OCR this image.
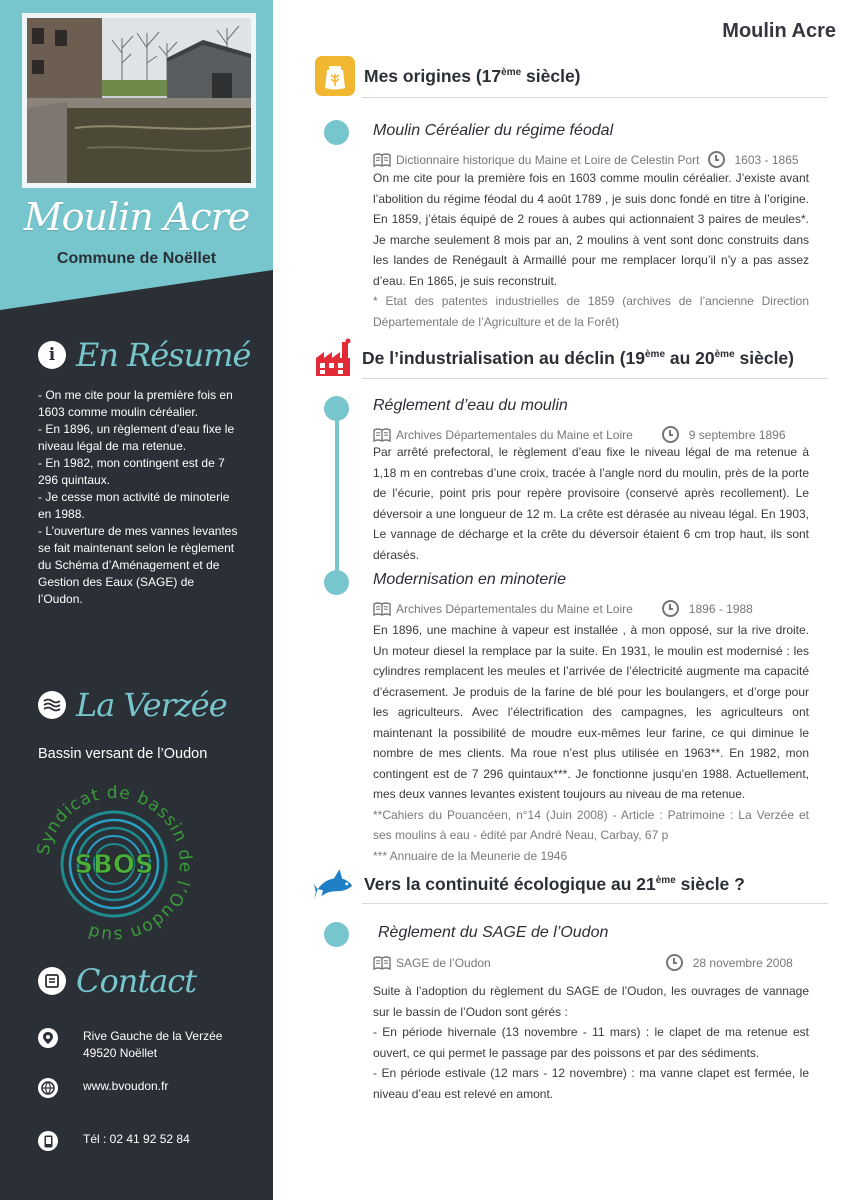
Moulin Acre
Commune de Noëllet
i En Résumé

- On me cite pour la première fois en 1603 comme moulin céréalier.

- En 1896, un règlement d’eau fixe le niveau légal de ma retenue.

- En 1982, mon contingent est de 7 296 quintaux.

- Je cesse mon activité de minoterie en 1988.

- L’ouverture de mes vannes levantes se fait maintenant selon le règlement du Schéma d’Aménagement et de Gestion des Eaux (SAGE) de l’Oudon.

La Verzée
Bassin versant de l’Oudon
Syndicat de bassin de l’Oudon sud
SBOS
Contact
Rive Gauche de la Verzée
49520 Noëllet
www.bvoudon.fr
Tél : 02 41 92 52 84
Moulin Acre
Mes origines (17ème siècle)
Moulin Céréalier du régime féodal
Dictionnaire historique du Maine et Loire de Celestin Port	1603 - 1865

On me cite pour la première fois en 1603 comme moulin céréalier. J’existe avant l’abolition du régime féodal du 4 août 1789 , je suis donc fondé en titre à l’origine. En 1859, j’étais équipé de 2 roues à aubes qui actionnaient 3 paires de meules*. Je marche seulement 8 mois par an, 2 moulins à vent sont donc construits dans les landes de Renégault à Armaillé pour me remplacer lorqu’il n’y a pas assez d’eau. En 1865, je suis reconstruit.

* Etat des patentes industrielles de 1859 (archives de l’ancienne Direction Départementale de l’Agriculture et de la Forêt)

De l’industrialisation au déclin (19ème au 20ème siècle)
Réglement d’eau du moulin
Archives Départementales du Maine et Loire	9 septembre 1896

Par arrêté prefectoral, le règlement d’eau fixe le niveau légal de ma retenue à 1,18 m en contrebas d’une croix, tracée à l’angle nord du moulin, près de la porte de l’écurie, point pris pour repère provisoire (conservé après recollement). Le déversoir a une longueur de 12 m. La crête est dérasée au niveau légal. En 1903, Le vannage de décharge et la crête du déversoir étaient 6 cm trop haut, ils sont dérasés.

Modernisation en minoterie
Archives Départementales du Maine et Loire	1896 - 1988

En 1896, une machine à vapeur est installée , à mon opposé, sur la rive droite. Un moteur diesel la remplace par la suite. En 1931, le moulin est modernisé : les cylindres remplacent les meules et l’arrivée de l’électricité augmente ma capacité d’écrasement. Je produis de la farine de blé pour les boulangers, et d’orge pour les agriculteurs. Avec l’électrification des campagnes, les agriculteurs ont maintenant la possibilité de moudre eux-mêmes leur farine, ce qui diminue le nombre de mes clients. Ma roue n’est plus utilisée en 1963**. En 1982, mon contingent est de 7 296 quintaux***. Je fonctionne jusqu’en 1988. Actuellement, mes deux vannes levantes existent toujours au niveau de ma retenue.

**Cahiers du Pouancéen, n°14 (Juin 2008) - Article : Patrimoine : La Verzée et ses moulins à eau - édité par André Neau, Carbay, 67 p

*** Annuaire de la Meunerie de 1946

Vers la continuité écologique au 21ème siècle ?
Règlement du SAGE de l’Oudon
SAGE de l’Oudon	28 novembre 2008

Suite à l’adoption du règlement du SAGE de l’Oudon, les ouvrages de vannage sur le bassin de l’Oudon sont gérés :

- En période hivernale (13 novembre - 11 mars) : le clapet de ma retenue est ouvert, ce qui permet le passage par des poissons et par des sédiments.

- En période estivale (12 mars - 12 novembre) : ma vanne clapet est fermée, le niveau d’eau est relevé en amont.
